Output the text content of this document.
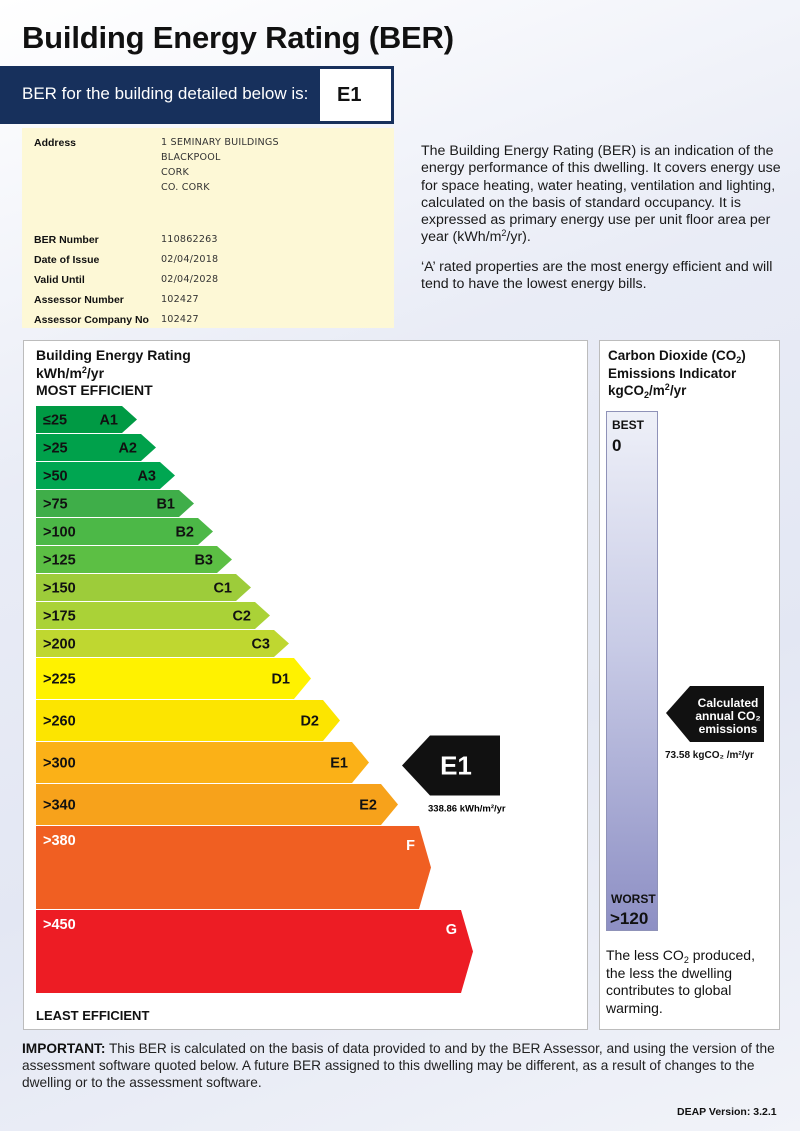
Building Energy Rating (BER)
BER for the building detailed below is: E1
Address	1 SEMINARY BUILDINGS
BLACKPOOL
CORK
CO. CORK
BER Number	110862263
Date of Issue	02/04/2018
Valid Until	02/04/2028
Assessor Number	102427
Assessor Company No 102427

The Building Energy Rating (BER) is an indication of the energy performance of this dwelling. It covers energy use for space heating, water heating, ventilation and lighting, calculated on the basis of standard occupancy. It is expressed as primary energy use per unit floor area per year $(kWh/m^2/yr)$.

‘A’ rated properties are the most energy efficient and will tend to have the lowest energy bills.

Building Energy Rating
kWh/$m^2/yr$
MOST EFFICIENT
≤25 A1
>25	A2
>50	A3
>75	B1
>100	B2
>125	B3
>150	C1
>175	C2
>200	C3
>225	D1
>260	D2
>300	E1
>340	E2
>380	F
>450	G
E1
338.86 kWh/m²/yr
LEAST EFFICIENT
Carbon Dioxide $(CO_2)$
Emissions Indicator
$kgCO_2/m^2/yr$
BEST
0
WORST
>120
Calculated
annual CO₂
emissions
73.58 kgCO₂ /m²/yr
The less $CO_2$ produced, the less the dwelling contributes to global warming.
IMPORTANT: This BER is calculated on the basis of data provided to and by the BER Assessor, and using the version of the assessment software quoted below. A future BER assigned to this dwelling may be different, as a result of changes to the dwelling or to the assessment software.
DEAP Version: 3.2.1
